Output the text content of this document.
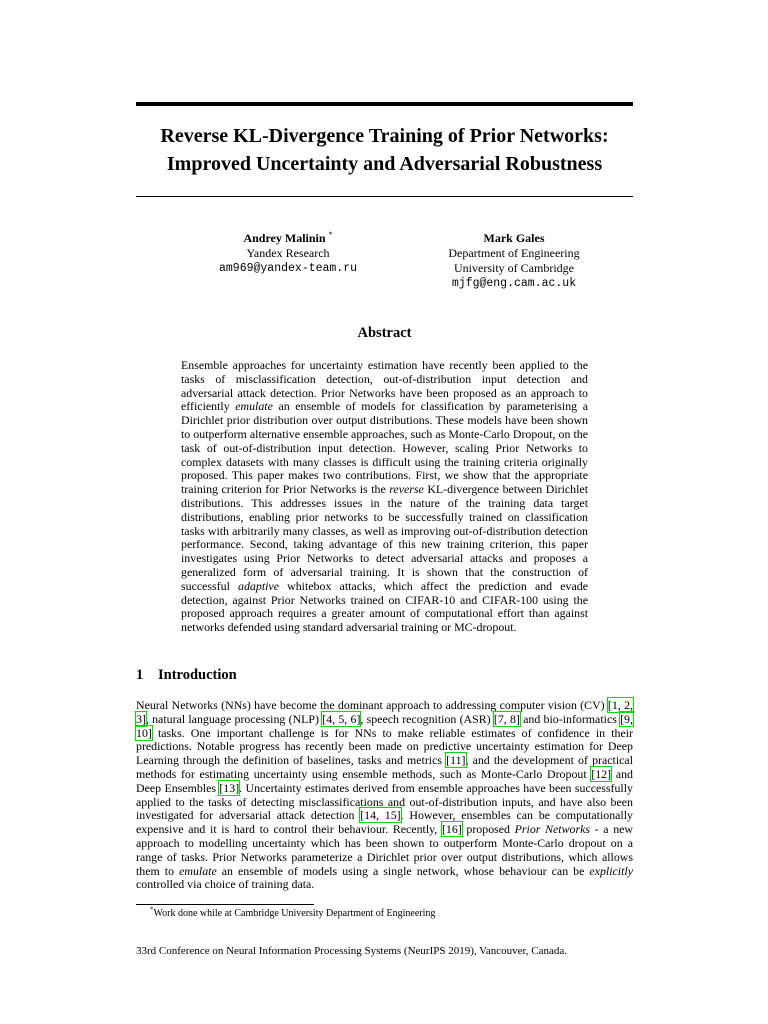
Reverse KL-Divergence Training of Prior Networks:
Improved Uncertainty and Adversarial Robustness
Andrey Malinin *
Yandex Research
am969@yandex-team.ru
Mark Gales
Department of Engineering
University of Cambridge
mjfg@eng.cam.ac.uk
Abstract
Ensemble approaches for uncertainty estimation have recently been applied to the tasks of misclassification detection, out-of-distribution input detection and adversarial attack detection. Prior Networks have been proposed as an approach to efficiently emulate an ensemble of models for classification by parameterising a Dirichlet prior distribution over output distributions. These models have been shown to outperform alternative ensemble approaches, such as Monte-Carlo Dropout, on the task of out-of-distribution input detection. However, scaling Prior Networks to complex datasets with many classes is difficult using the training criteria originally proposed. This paper makes two contributions. First, we show that the appropriate training criterion for Prior Networks is the reverse KL-divergence between Dirichlet distributions. This addresses issues in the nature of the training data target distributions, enabling prior networks to be successfully trained on classification tasks with arbitrarily many classes, as well as improving out-of-distribution detection performance. Second, taking advantage of this new training criterion, this paper investigates using Prior Networks to detect adversarial attacks and proposes a generalized form of adversarial training. It is shown that the construction of successful adaptive whitebox attacks, which affect the prediction and evade detection, against Prior Networks trained on CIFAR-10 and CIFAR-100 using the proposed approach requires a greater amount of computational effort than against networks defended using standard adversarial training or MC-dropout.
1 Introduction
Neural Networks (NNs) have become the dominant approach to addressing computer vision (CV) [1, 2, 3], natural language processing (NLP) [4, 5, 6], speech recognition (ASR) [7, 8] and bio-informatics [9, 10] tasks. One important challenge is for NNs to make reliable estimates of confidence in their predictions. Notable progress has recently been made on predictive uncertainty estimation for Deep Learning through the definition of baselines, tasks and metrics [11], and the development of practical methods for estimating uncertainty using ensemble methods, such as Monte-Carlo Dropout [12] and Deep Ensembles [13]. Uncertainty estimates derived from ensemble approaches have been successfully applied to the tasks of detecting misclassifications and out-of-distribution inputs, and have also been investigated for adversarial attack detection [14, 15]. However, ensembles can be computationally expensive and it is hard to control their behaviour. Recently, [16] proposed Prior Networks - a new approach to modelling uncertainty which has been shown to outperform Monte-Carlo dropout on a range of tasks. Prior Networks parameterize a Dirichlet prior over output distributions, which allows them to emulate an ensemble of models using a single network, whose behaviour can be explicitly controlled via choice of training data.
*Work done while at Cambridge University Department of Engineering
33rd Conference on Neural Information Processing Systems (NeurIPS 2019), Vancouver, Canada.
